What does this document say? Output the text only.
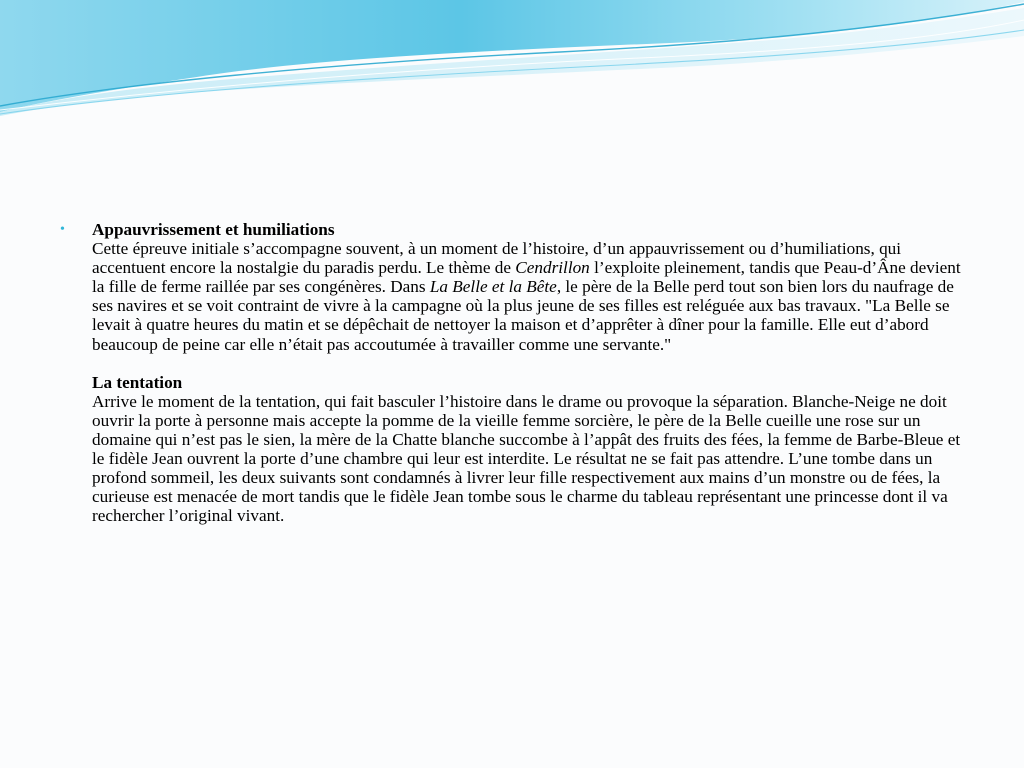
•	Appauvrissement et humiliations
Cette épreuve initiale s’accompagne souvent, à un moment de l’histoire, d’un appauvrissement ou d’humiliations, qui accentuent encore la nostalgie du paradis perdu. Le thème de Cendrillon l’exploite pleinement, tandis que Peau-d’Âne devient la fille de ferme raillée par ses congénères. Dans La Belle et la Bête, le père de la Belle perd tout son bien lors du naufrage de ses navires et se voit contraint de vivre à la campagne où la plus jeune de ses filles est reléguée aux bas travaux. "La Belle se levait à quatre heures du matin et se dépêchait de nettoyer la maison et d’apprêter à dîner pour la famille. Elle eut d’abord beaucoup de peine car elle n’était pas accoutumée à travailler comme une servante."
La tentation
Arrive le moment de la tentation, qui fait basculer l’histoire dans le drame ou provoque la séparation. Blanche-Neige ne doit ouvrir la porte à personne mais accepte la pomme de la vieille femme sorcière, le père de la Belle cueille une rose sur un domaine qui n’est pas le sien, la mère de la Chatte blanche succombe à l’appât des fruits des fées, la femme de Barbe-Bleue et le fidèle Jean ouvrent la porte d’une chambre qui leur est interdite. Le résultat ne se fait pas attendre. L’une tombe dans un profond sommeil, les deux suivants sont condamnés à livrer leur fille respectivement aux mains d’un monstre ou de fées, la curieuse est menacée de mort tandis que le fidèle Jean tombe sous le charme du tableau représentant une princesse dont il va rechercher l’original vivant.
